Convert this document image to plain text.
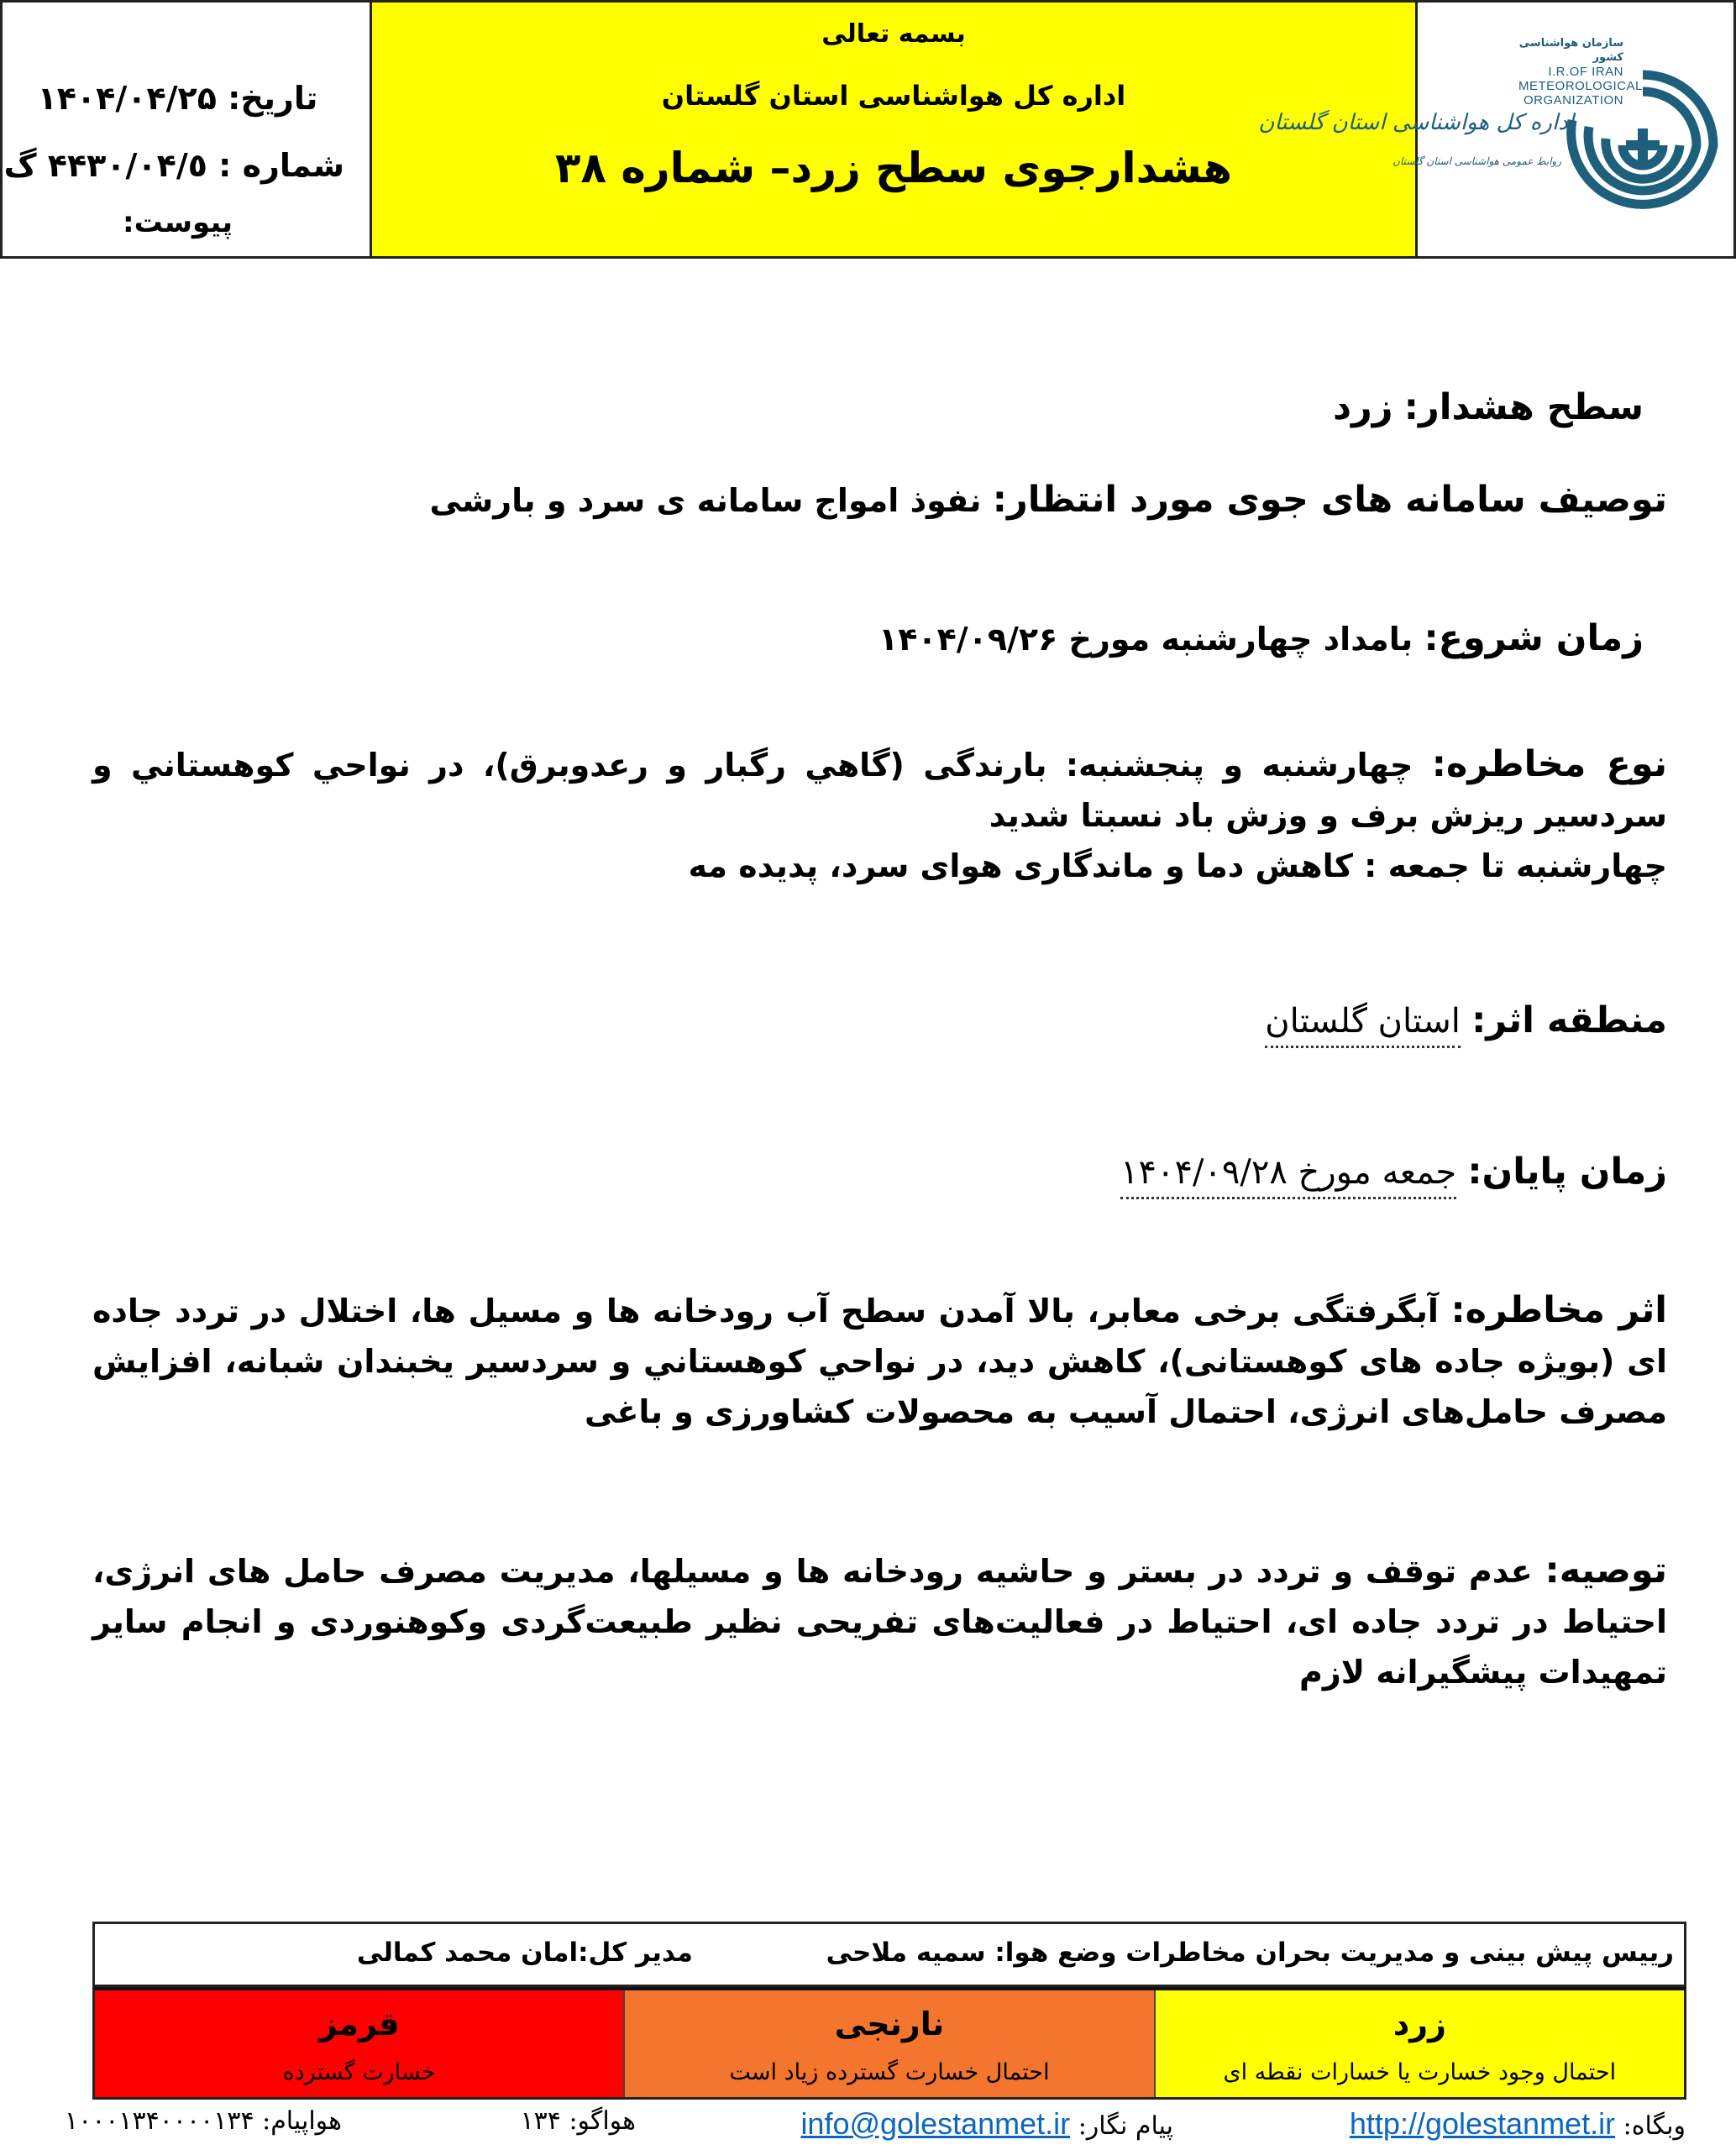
تاریخ: ۱۴۰۴/۰۴/۲۵
شماره : ۴۴۳۰/۰۴/٥ گ
پیوست:
بسمه تعالی
اداره کل هواشناسی استان گلستان
هشدارجوی سطح زرد– شماره ۳۸
سازمان هواشناسی کشور
I.R.OF IRAN
METEOROLOGICAL
ORGANIZATION
اداره کل هواشناسی استان گلستان
روابط عمومی هواشناسی استان گلستان
سطح هشدار: زرد
توصیف سامانه های جوی مورد انتظار: نفوذ امواج سامانه ی سرد و بارشی
زمان شروع: بامداد چهارشنبه مورخ ۱۴۰۴/۰۹/۲۶
نوع مخاطره: چهارشنبه و پنجشنبه: بارندگی (گاهي رگبار و رعدوبرق)، در نواحي كوهستاني و سردسیر ریزش برف و وزش باد نسبتا شدید
چهارشنبه تا جمعه : کاهش دما و ماندگاری هوای سرد، پدیده مه
منطقه اثر: استان گلستان
زمان پایان: جمعه مورخ ۱۴۰۴/۰۹/۲۸
اثر مخاطره: آبگرفتگی برخی معابر، بالا آمدن سطح آب رودخانه ها و مسیل ها، اختلال در تردد جاده ای (بویژه جاده های کوهستانی)، کاهش دید، در نواحي كوهستاني و سردسیر یخبندان شبانه، افزایش مصرف حامل‌های انرژی، احتمال آسیب به محصولات کشاورزی و باغی
توصیه: عدم توقف و تردد در بستر و حاشیه رودخانه ها و مسیلها، مدیریت مصرف حامل های انرژی، احتیاط در تردد جاده ای، احتیاط در فعالیت‌های تفریحی نظیر طبیعت‌گردی وکوهنوردی و انجام سایر تمهیدات پیشگیرانه لازم
رییس پیش بینی و مدیریت بحران مخاطرات وضع هوا: سمیه ملاحی
مدیر کل:امان محمد کمالی
زرد
احتمال وجود خسارت یا خسارات نقطه ای
نارنجی
احتمال خسارت گسترده زیاد است
قرمز
خسارت گسترده
وبگاه: http://golestanmet.ir
پیام نگار: info@golestanmet.ir
هواگو: ۱۳۴
هواپیام: ۱۰۰۰۱۳۴۰۰۰۰۱۳۴
